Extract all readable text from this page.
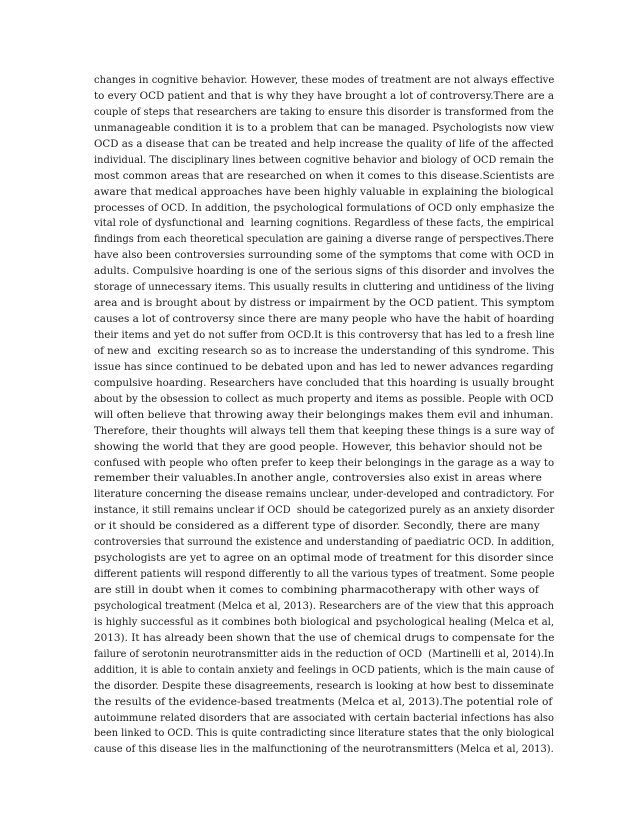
changes in cognitive behavior. However, these modes of treatment are not always effective
to every OCD patient and that is why they have brought a lot of controversy.There are a
couple of steps that researchers are taking to ensure this disorder is transformed from the
unmanageable condition it is to a problem that can be managed. Psychologists now view
OCD as a disease that can be treated and help increase the quality of life of the affected
individual. The disciplinary lines between cognitive behavior and biology of OCD remain the
most common areas that are researched on when it comes to this disease.Scientists are
aware that medical approaches have been highly valuable in explaining the biological
processes of OCD. In addition, the psychological formulations of OCD only emphasize the
vital role of dysfunctional and  learning cognitions. Regardless of these facts, the empirical
findings from each theoretical speculation are gaining a diverse range of perspectives.There
have also been controversies surrounding some of the symptoms that come with OCD in
adults. Compulsive hoarding is one of the serious signs of this disorder and involves the
storage of unnecessary items. This usually results in cluttering and untidiness of the living
area and is brought about by distress or impairment by the OCD patient. This symptom
causes a lot of controversy since there are many people who have the habit of hoarding
their items and yet do not suffer from OCD.It is this controversy that has led to a fresh line
of new and  exciting research so as to increase the understanding of this syndrome. This
issue has since continued to be debated upon and has led to newer advances regarding
compulsive hoarding. Researchers have concluded that this hoarding is usually brought
about by the obsession to collect as much property and items as possible. People with OCD
will often believe that throwing away their belongings makes them evil and inhuman.
Therefore, their thoughts will always tell them that keeping these things is a sure way of
showing the world that they are good people. However, this behavior should not be
confused with people who often prefer to keep their belongings in the garage as a way to
remember their valuables.In another angle, controversies also exist in areas where
literature concerning the disease remains unclear, under-developed and contradictory. For
instance, it still remains unclear if OCD  should be categorized purely as an anxiety disorder
or it should be considered as a different type of disorder. Secondly, there are many
controversies that surround the existence and understanding of paediatric OCD. In addition,
psychologists are yet to agree on an optimal mode of treatment for this disorder since
different patients will respond differently to all the various types of treatment. Some people
are still in doubt when it comes to combining pharmacotherapy with other ways of
psychological treatment (Melca et al, 2013). Researchers are of the view that this approach
is highly successful as it combines both biological and psychological healing (Melca et al,
2013). It has already been shown that the use of chemical drugs to compensate for the
failure of serotonin neurotransmitter aids in the reduction of OCD  (Martinelli et al, 2014).In
addition, it is able to contain anxiety and feelings in OCD patients, which is the main cause of
the disorder. Despite these disagreements, research is looking at how best to disseminate
the results of the evidence-based treatments (Melca et al, 2013).The potential role of
autoimmune related disorders that are associated with certain bacterial infections has also
been linked to OCD. This is quite contradicting since literature states that the only biological
cause of this disease lies in the malfunctioning of the neurotransmitters (Melca et al, 2013).
